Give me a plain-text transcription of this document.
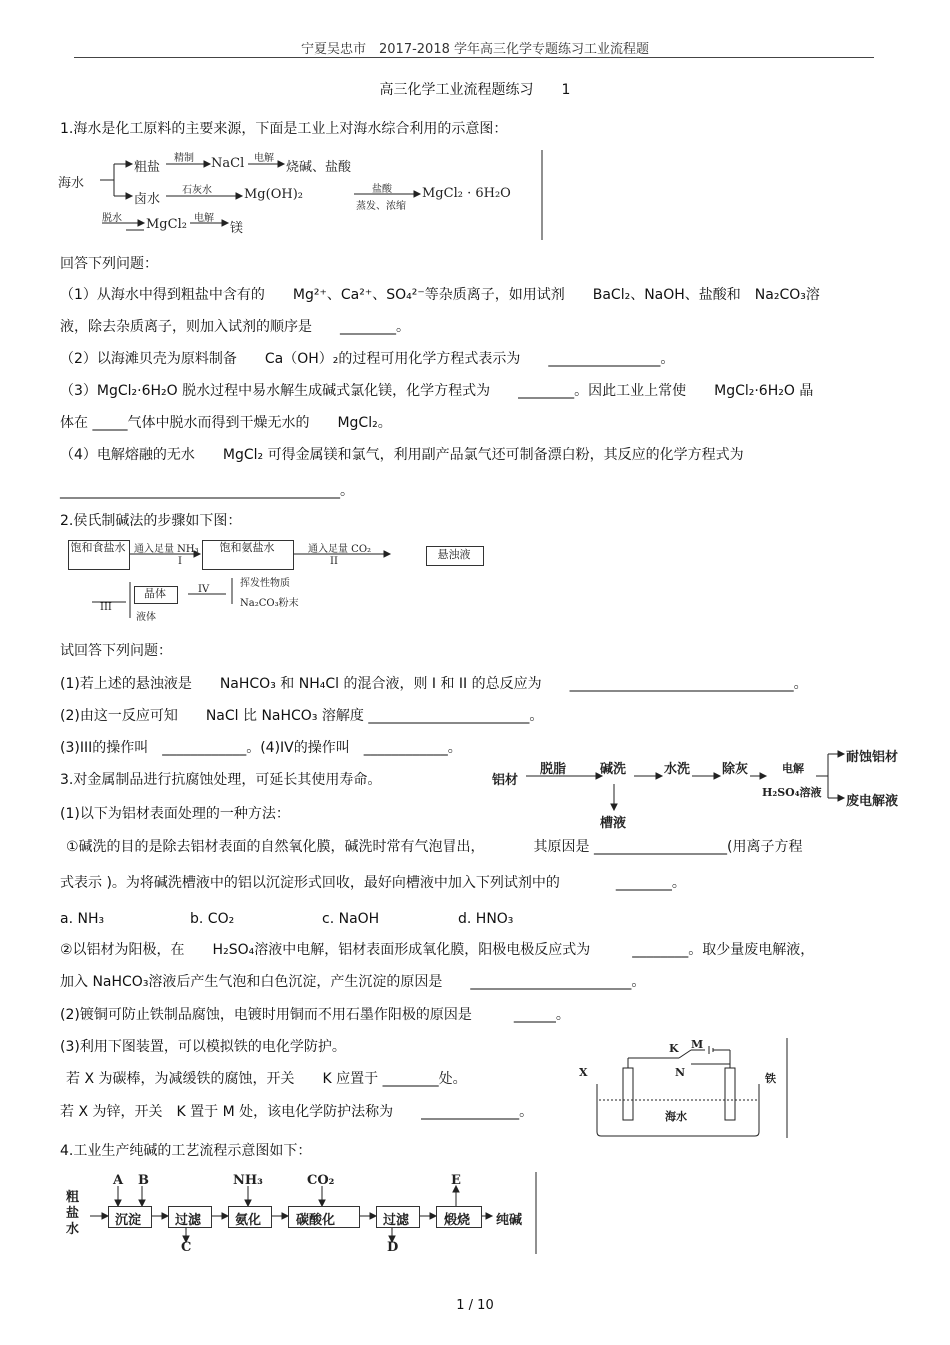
宁夏吴忠市　2017-2018 学年高三化学专题练习工业流程题
高三化学工业流程题练习　　1
1.海水是化工原料的主要来源，下面是工业上对海水综合利用的示意图：
海水
粗盐
精制 NaCl 电解
烧碱、盐酸
卤水
石灰水 Mg(OH)₂	盐酸
蒸发、浓缩
MgCl₂ · 6H₂O
脱水 MgCl₂ 电解
镁
回答下列问题：
（1）从海水中得到粗盐中含有的　　Mg²⁺、Ca²⁺、SO₄²⁻等杂质离子，如用试剂　　BaCl₂、NaOH、盐酸和　Na₂CO₃溶
液，除去杂质离子，则加入试剂的顺序是　　________。
（2）以海滩贝壳为原料制备　　Ca（OH）₂的过程可用化学方程式表示为　　________________。
（3）MgCl₂·6H₂O 脱水过程中易水解生成碱式氯化镁，化学方程式为　　________。因此工业上常使　　MgCl₂·6H₂O 晶
体在 _____气体中脱水而得到干燥无水的　　MgCl₂。
（4）电解熔融的无水　　MgCl₂ 可得金属镁和氯气，利用副产品氯气还可制备漂白粉，其反应的化学方程式为
________________________________________。
2.侯氏制碱法的步骤如下图：
饱和食盐水 通入足量 NH₃
I
饱和氨盐水	通入足量 CO₂
II
悬浊液
III
晶体	IV
液体
挥发性物质
Na₂CO₃粉末
试回答下列问题：
(1)若上述的悬浊液是　　NaHCO₃ 和 NH₄Cl 的混合液，则 I 和 II 的总反应为　　________________________________。
(2)由这一反应可知　　NaCl 比 NaHCO₃ 溶解度 _______________________。
(3)III的操作叫　____________。(4)IV的操作叫　____________。
3.对金属制品进行抗腐蚀处理，可延长其使用寿命。	铝材
脱脂	碱洗	水洗 除灰	电解
H₂SO₄溶液
槽液
耐蚀铝材
废电解液
(1)以下为铝材表面处理的一种方法：
①碱洗的目的是除去铝材表面的自然氧化膜，碱洗时常有气泡冒出，　　　　其原因是 ___________________(用离子方程
式表示 )。为将碱洗槽液中的铝以沉淀形式回收，最好向槽液中加入下列试剂中的　　　　________。
a. NH₃	b. CO₂	c. NaOH	d. HNO₃
②以铝材为阳极，在　　H₂SO₄溶液中电解，铝材表面形成氧化膜，阳极电极反应式为　　　________。取少量废电解液，
加入 NaHCO₃溶液后产生气泡和白色沉淀，产生沉淀的原因是　　_______________________。
(2)镀铜可防止铁制品腐蚀，电镀时用铜而不用石墨作阳极的原因是　　　______。
(3)利用下图装置，可以模拟铁的电化学防护。
若 X 为碳棒，为减缓铁的腐蚀，开关　　K 应置于 ________处。
若 X 为锌，开关　K 置于 M 处，该电化学防护法称为　　______________。
X
K M
N	铁
海水
4.工业生产纯碱的工艺流程示意图如下：
粗盐水
A B	NH₃	CO₂	E
C	D
沉淀	过滤	氨化	碳酸化	过滤	煅烧 纯碱
1 / 10
